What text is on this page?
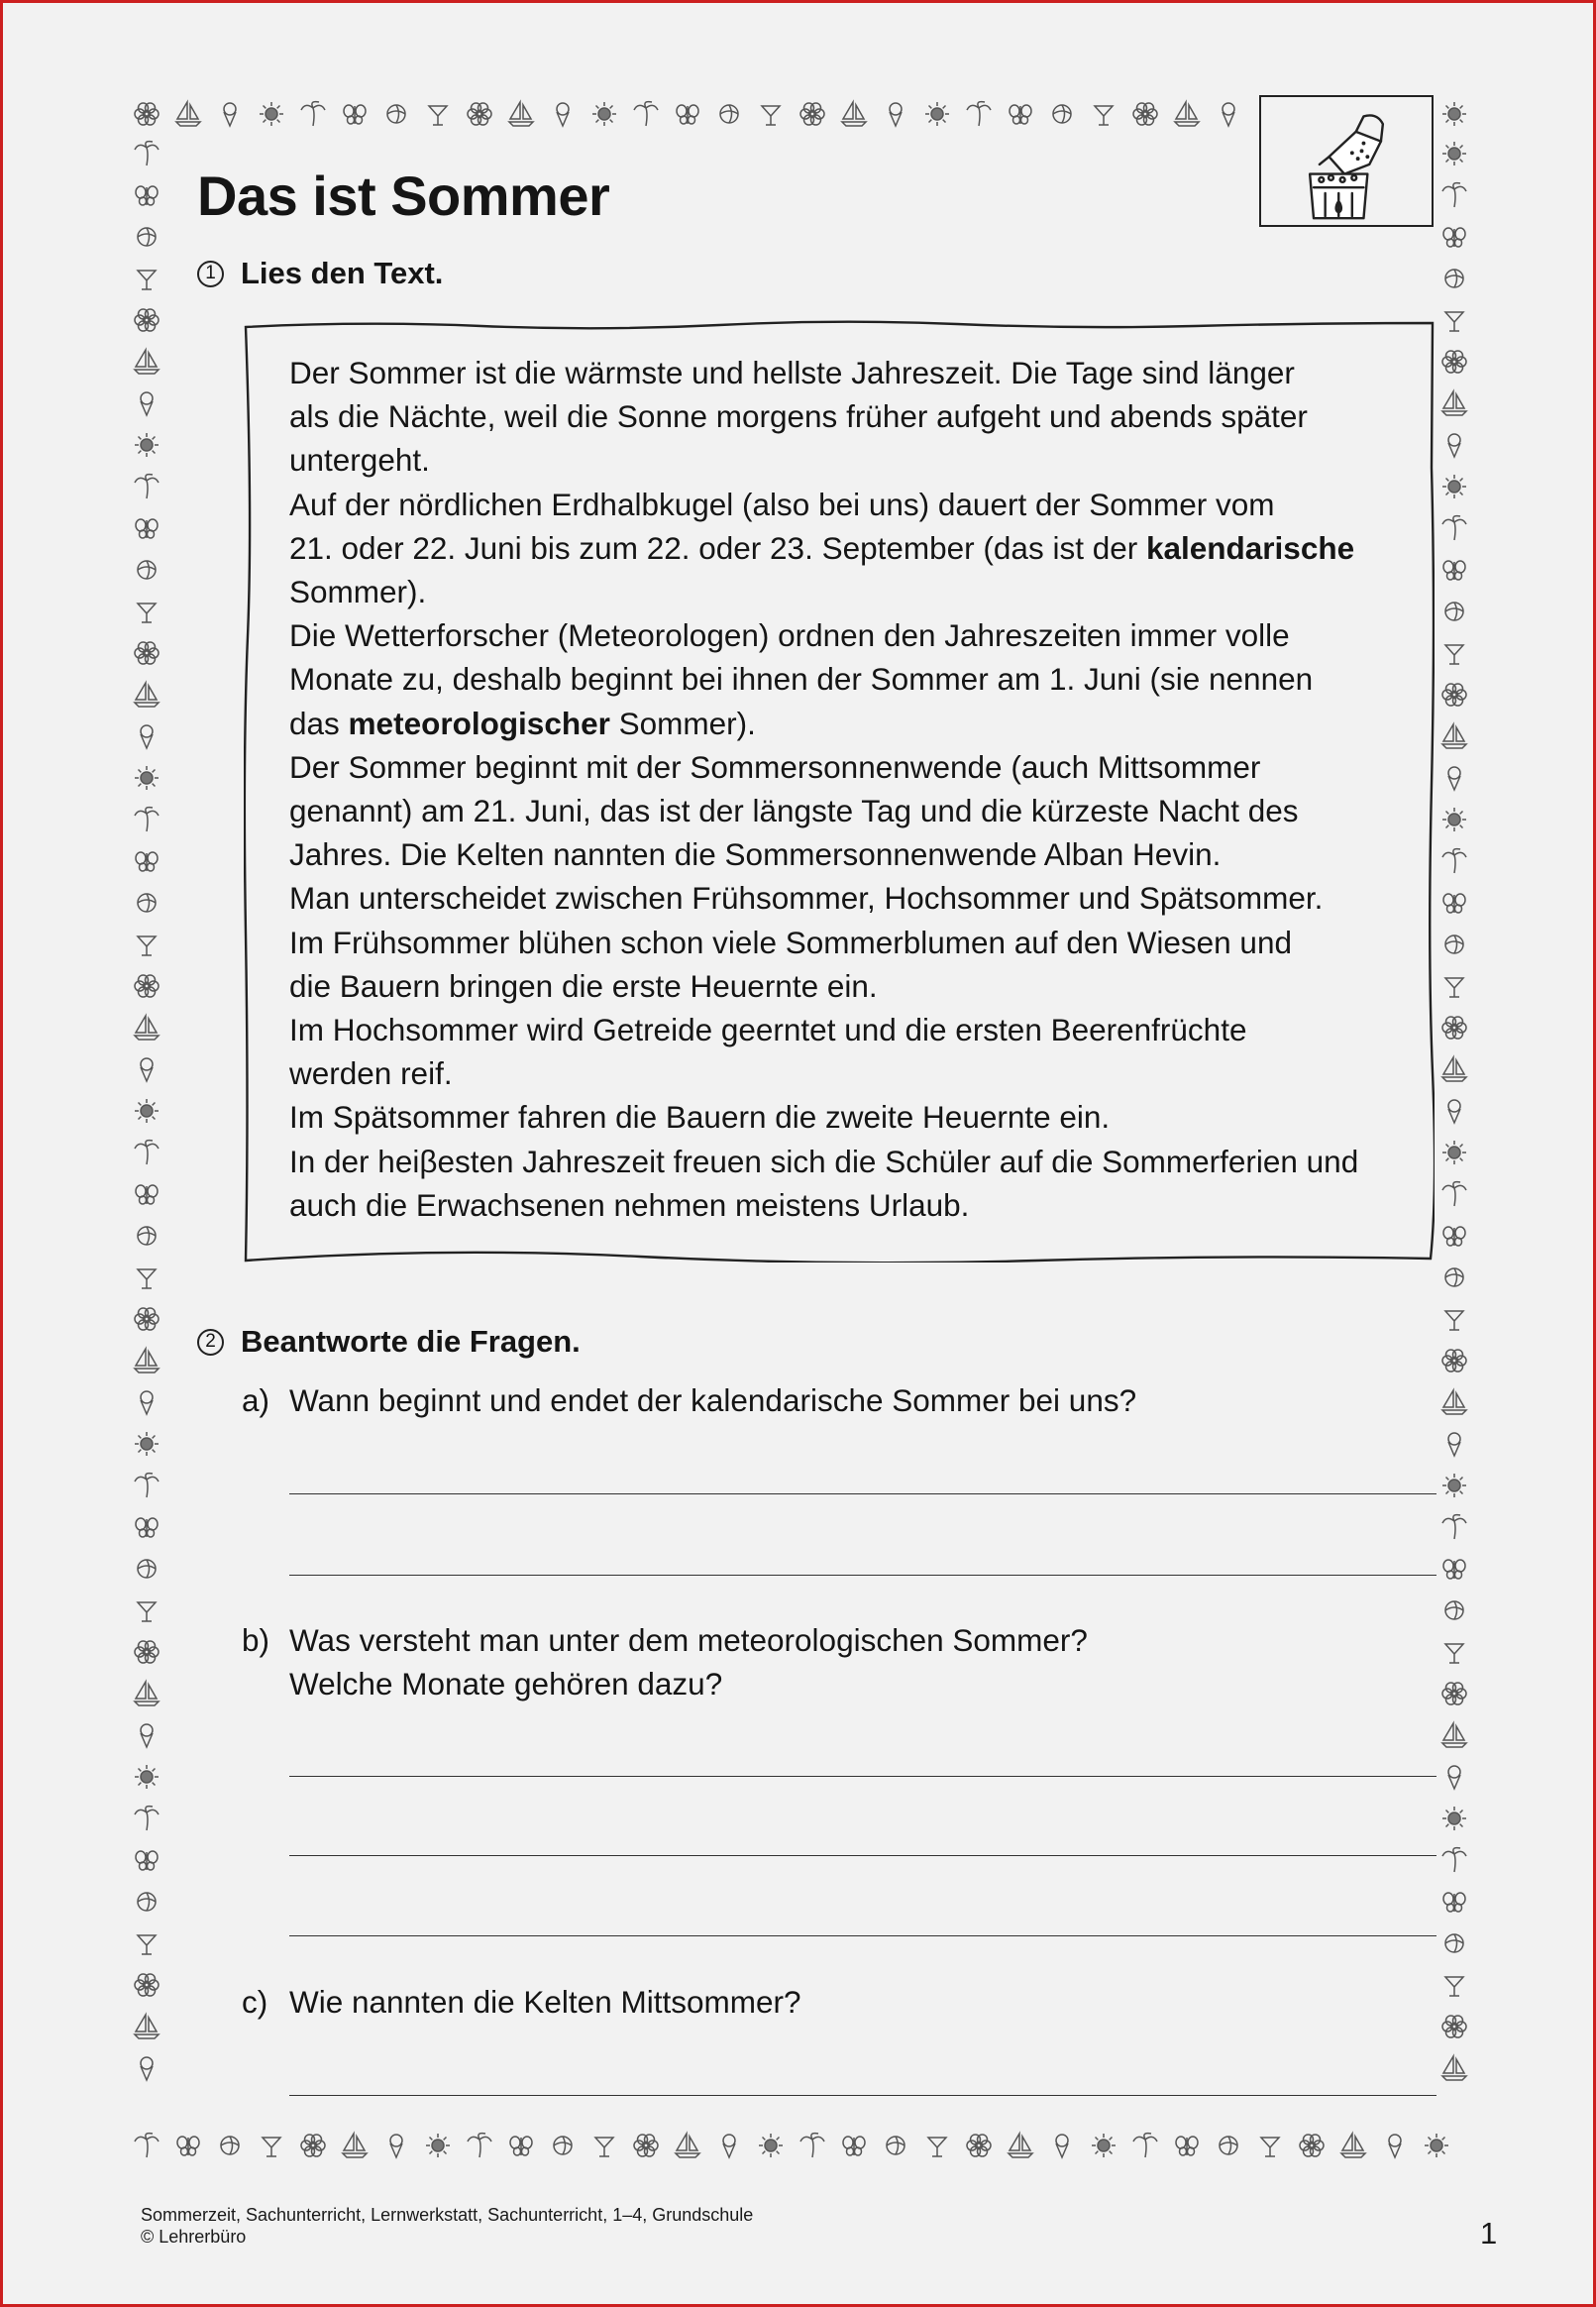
Das ist Sommer
1 Lies den Text.

Der Sommer ist die wärmste und hellste Jahreszeit. Die Tage sind länger

als die Nächte, weil die Sonne morgens früher aufgeht und abends später

untergeht.

Auf der nördlichen Erdhalbkugel (also bei uns) dauert der Sommer vom

21. oder 22. Juni bis zum 22. oder 23. September (das ist der kalendarische

Sommer).

Die Wetterforscher (Meteorologen) ordnen den Jahreszeiten immer volle

Monate zu, deshalb beginnt bei ihnen der Sommer am 1. Juni (sie nennen

das meteorologischer Sommer).

Der Sommer beginnt mit der Sommersonnenwende (auch Mittsommer

genannt) am 21. Juni, das ist der längste Tag und die kürzeste Nacht des

Jahres. Die Kelten nannten die Sommersonnenwende Alban Hevin.

Man unterscheidet zwischen Frühsommer, Hochsommer und Spätsommer.

Im Frühsommer blühen schon viele Sommerblumen auf den Wiesen und

die Bauern bringen die erste Heuernte ein.

Im Hochsommer wird Getreide geerntet und die ersten Beerenfrüchte

werden reif.

Im Spätsommer fahren die Bauern die zweite Heuernte ein.

In der heiβesten Jahreszeit freuen sich die Schüler auf die Sommerferien und

auch die Erwachsenen nehmen meistens Urlaub.

2 Beantworte die Fragen.
a) Wann beginnt und endet der kalendarische Sommer bei uns?
b) Was versteht man unter dem meteorologischen Sommer?
Welche Monate gehören dazu?
c) Wie nannten die Kelten Mittsommer?
Sommerzeit, Sachunterricht, Lernwerkstatt, Sachunterricht, 1–4, Grundschule
© Lehrerbüro	1
